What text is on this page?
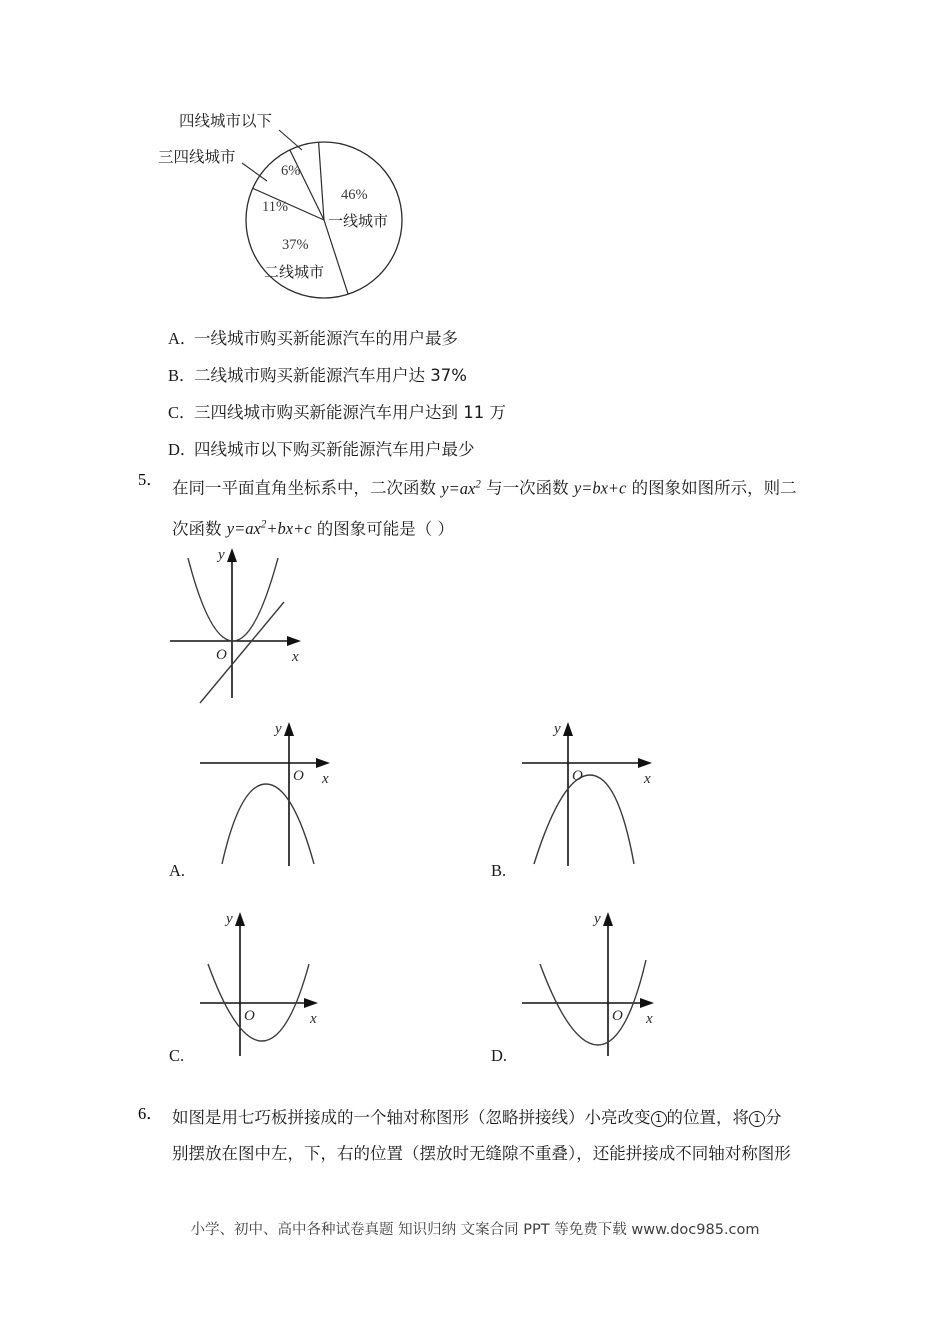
四线城市以下
三四线城市
6%
11%
46%
37%
一线城市
二线城市
A．一线城市购买新能源汽车的用户最多
B．二线城市购买新能源汽车用户达 37%
C．三四线城市购买新能源汽车用户达到 11 万
D．四线城市以下购买新能源汽车用户最少
5． 在同一平面直角坐标系中，二次函数 $y=ax^2$ 与一次函数 y=bx+c 的图象如图所示，则二
次函数 $y=ax^2+bx+c$ 的图象可能是（ ）
O	x
y
O x
y
A.
O	x
y
B.
O	x
y
C.
O x
y
D.
6． 如图是用七巧板拼接成的一个轴对称图形（忽略拼接线）小亮改变 1 的位置，将 1 分
别摆放在图中左，下，右的位置（摆放时无缝隙不重叠），还能拼接成不同轴对称图形
小学、初中、高中各种试卷真题 知识归纳 文案合同 PPT 等免费下载 www.doc985.com
